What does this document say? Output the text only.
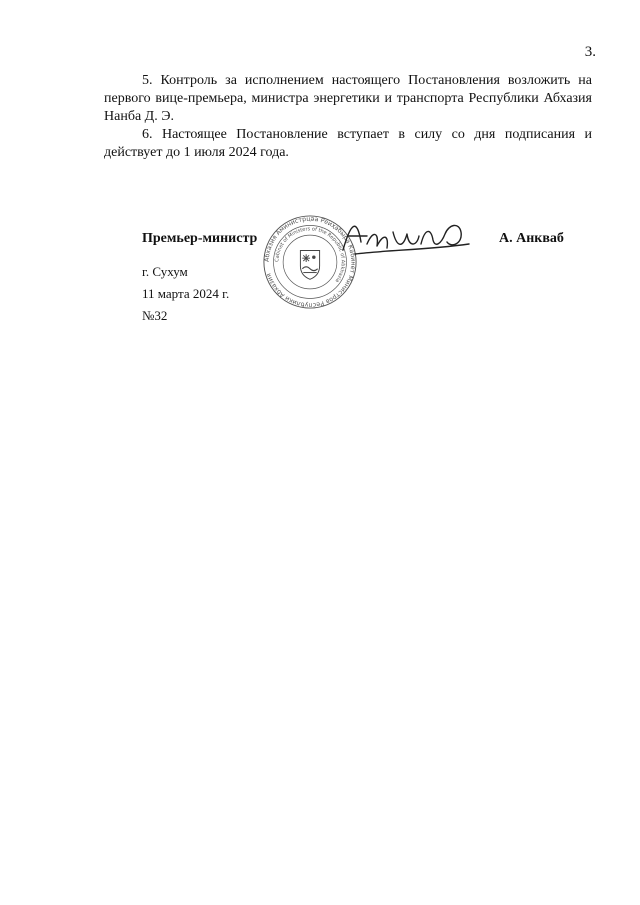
3.

5. Контроль за исполнением настоящего Постановления возложить на первого вице-премьера, министра энергетики и транспорта Республики Абхазия Нанба Д. Э.

6. Настоящее Постановление вступает в силу со дня подписания и действует до 1 июля 2024 года.

Премьер-министр
Абхазия Аминистрцәа Реиҳабыра Кабинет Министров Республики Абхазия
Cabinet of Ministers of the Republic of Abkhazia
А. Анкваб
г. Сухум
11 марта 2024 г.
№32
